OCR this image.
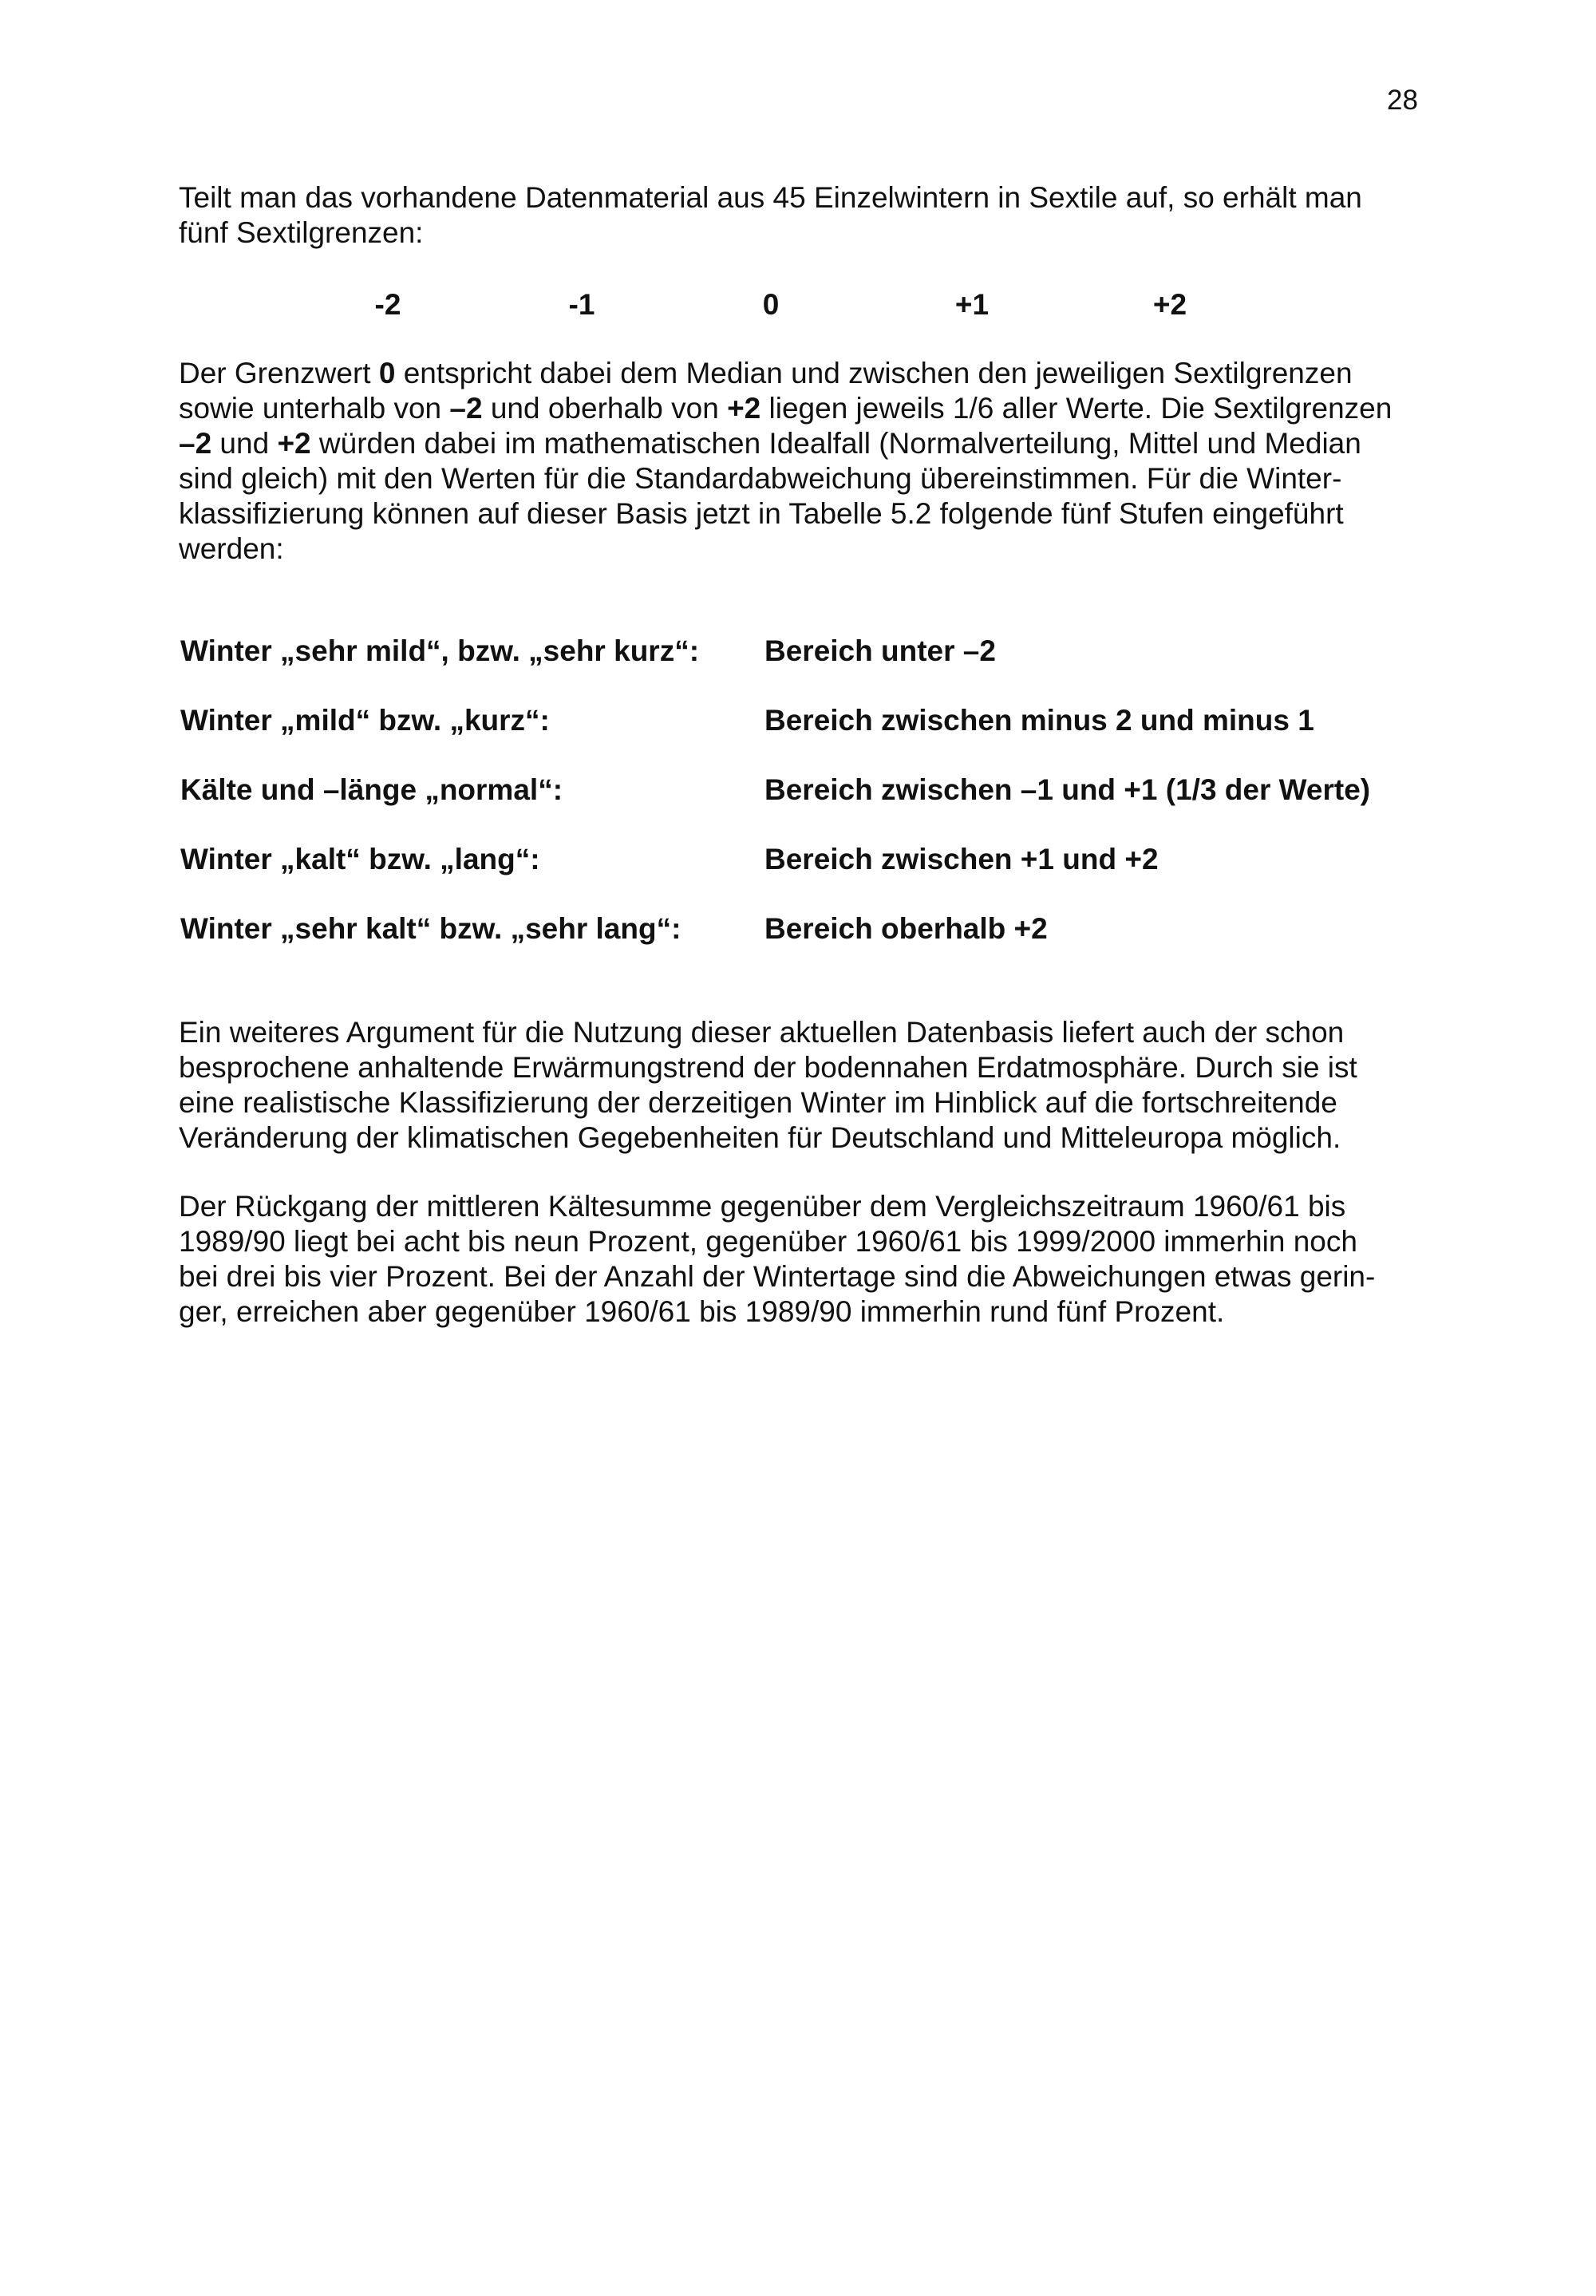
28

Teilt man das vorhandene Datenmaterial aus 45 Einzelwintern in Sextile auf, so erhält man
fünf Sextilgrenzen:

-2	-1	0	+1	+2

Der Grenzwert 0 entspricht dabei dem Median und zwischen den jeweiligen Sextilgrenzen
sowie unterhalb von –2 und oberhalb von +2 liegen jeweils 1/6 aller Werte. Die Sextilgrenzen
–2 und +2 würden dabei im mathematischen Idealfall (Normalverteilung, Mittel und Median
sind gleich) mit den Werten für die Standardabweichung übereinstimmen. Für die Winter-
klassifizierung können auf dieser Basis jetzt in Tabelle 5.2 folgende fünf Stufen eingeführt
werden:

Winter „sehr mild“, bzw. „sehr kurz“: Bereich unter –2
Winter „mild“ bzw. „kurz“:	Bereich zwischen minus 2 und minus 1
Kälte und –länge „normal“:	Bereich zwischen –1 und +1 (1/3 der Werte)
Winter „kalt“ bzw. „lang“:	Bereich zwischen +1 und +2
Winter „sehr kalt“ bzw. „sehr lang“:	Bereich oberhalb +2

Ein weiteres Argument für die Nutzung dieser aktuellen Datenbasis liefert auch der schon
besprochene anhaltende Erwärmungstrend der bodennahen Erdatmosphäre. Durch sie ist
eine realistische Klassifizierung der derzeitigen Winter im Hinblick auf die fortschreitende
Veränderung der klimatischen Gegebenheiten für Deutschland und Mitteleuropa möglich.

Der Rückgang der mittleren Kältesumme gegenüber dem Vergleichszeitraum 1960/61 bis
1989/90 liegt bei acht bis neun Prozent, gegenüber 1960/61 bis 1999/2000 immerhin noch
bei drei bis vier Prozent. Bei der Anzahl der Wintertage sind die Abweichungen etwas gerin-
ger, erreichen aber gegenüber 1960/61 bis 1989/90 immerhin rund fünf Prozent.
